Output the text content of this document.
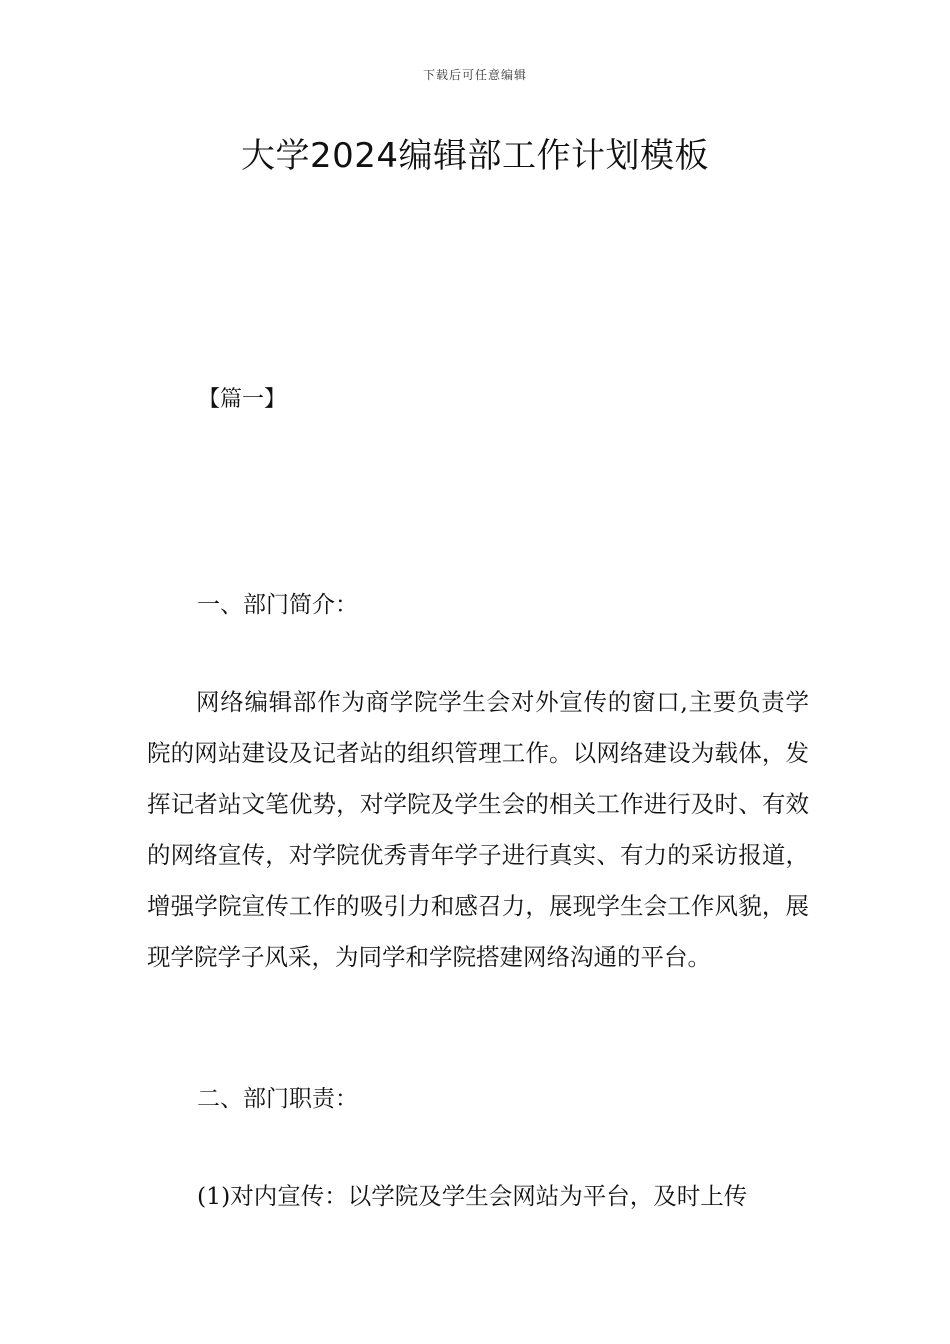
下载后可任意编辑
大学2024编辑部工作计划模板
【篇一】
一、部门简介：

网络编辑部作为商学院学生会对外宣传的窗口,主要负责学院的网站建设及记者站的组织管理工作。以网络建设为载体，发挥记者站文笔优势，对学院及学生会的相关工作进行及时、有效的网络宣传，对学院优秀青年学子进行真实、有力的采访报道，增强学院宣传工作的吸引力和感召力，展现学生会工作风貌，展现学院学子风采，为同学和学院搭建网络沟通的平台。

二、部门职责：
(1)对内宣传：以学院及学生会网站为平台，及时上传
